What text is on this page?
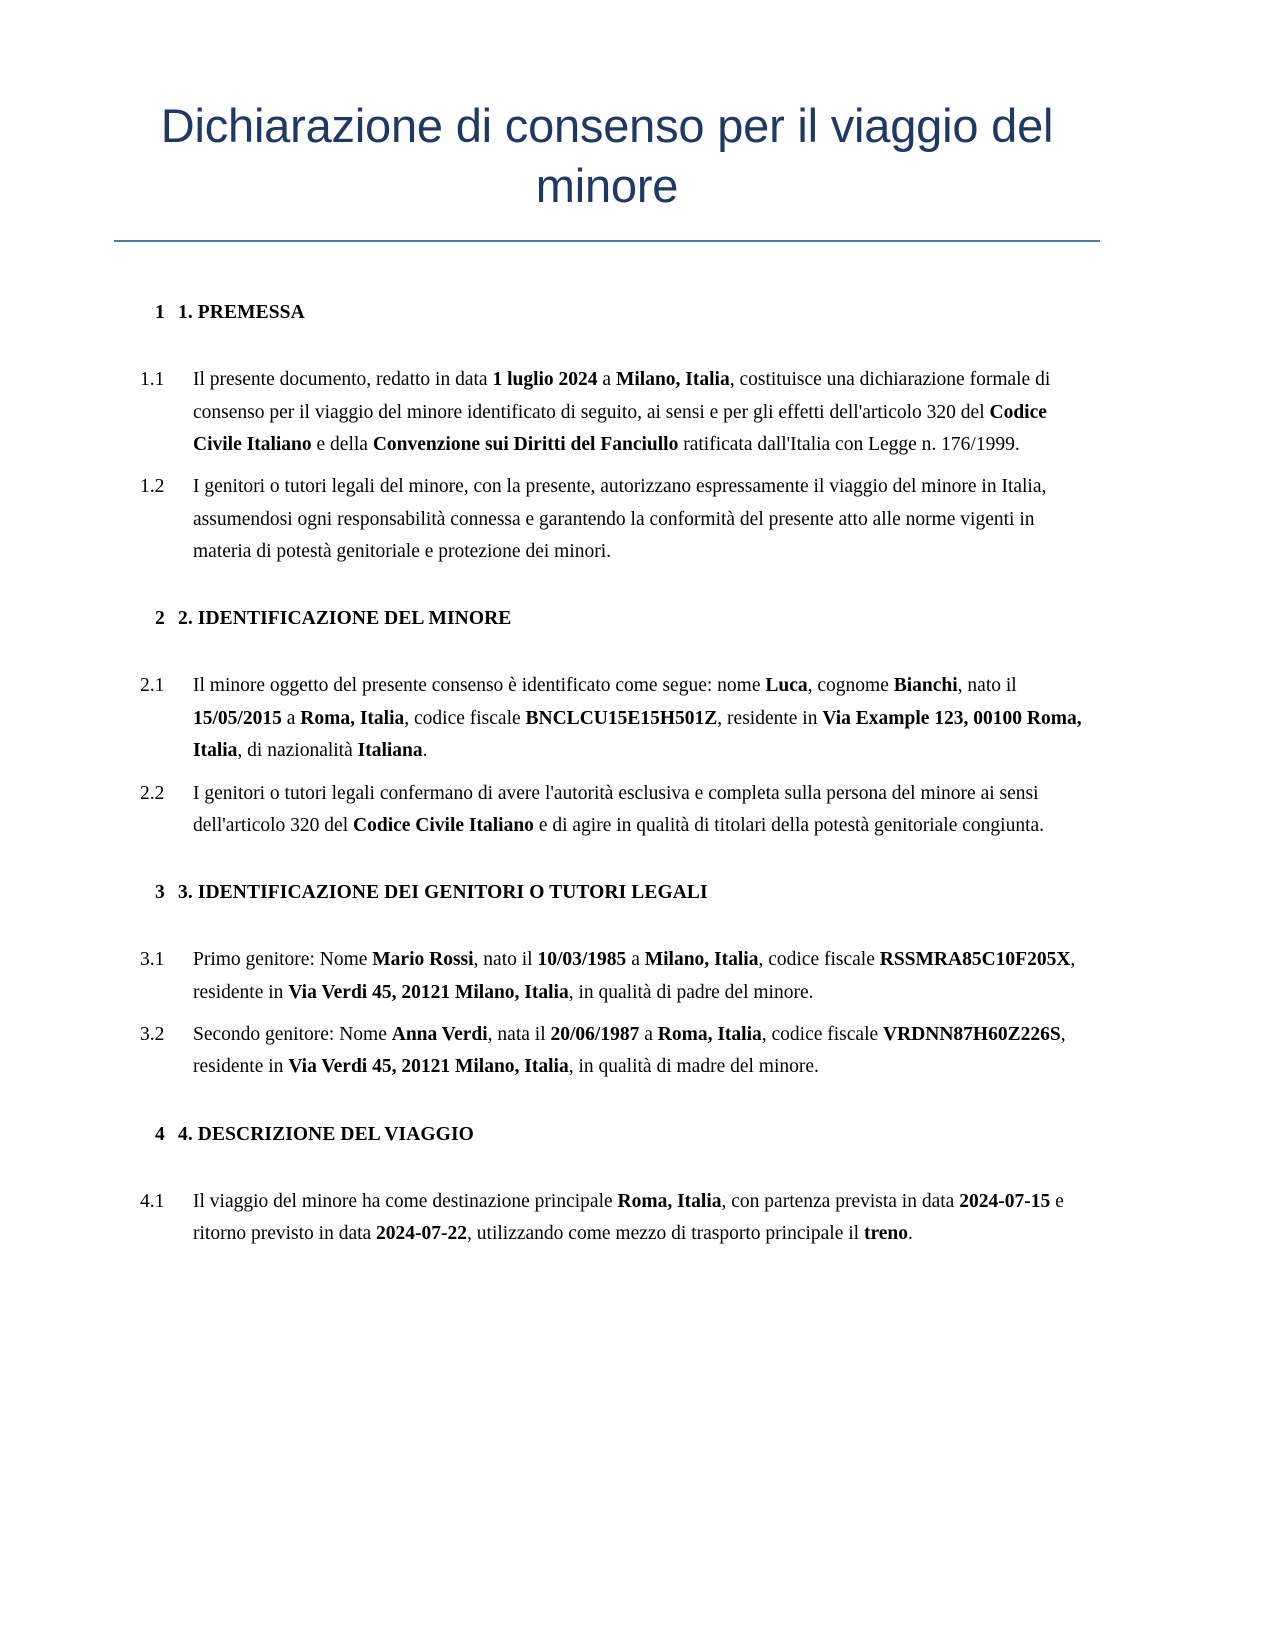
Dichiarazione di consenso per il viaggio del minore
1 1. PREMESSA
1.1	Il presente documento, redatto in data 1 luglio 2024 a Milano, Italia, costituisce una dichiarazione formale di consenso per il viaggio del minore identificato di seguito, ai sensi e per gli effetti dell'articolo 320 del Codice Civile Italiano e della Convenzione sui Diritti del Fanciullo ratificata dall'Italia con Legge n. 176/1999.
1.2	I genitori o tutori legali del minore, con la presente, autorizzano espressamente il viaggio del minore in Italia, assumendosi ogni responsabilità connessa e garantendo la conformità del presente atto alle norme vigenti in materia di potestà genitoriale e protezione dei minori.
2 2. IDENTIFICAZIONE DEL MINORE
2.1	Il minore oggetto del presente consenso è identificato come segue: nome Luca, cognome Bianchi, nato il 15/05/2015 a Roma, Italia, codice fiscale BNCLCU15E15H501Z, residente in Via Example 123, 00100 Roma, Italia, di nazionalità Italiana.
2.2	I genitori o tutori legali confermano di avere l'autorità esclusiva e completa sulla persona del minore ai sensi dell'articolo 320 del Codice Civile Italiano e di agire in qualità di titolari della potestà genitoriale congiunta.
3 3. IDENTIFICAZIONE DEI GENITORI O TUTORI LEGALI
3.1	Primo genitore: Nome Mario Rossi, nato il 10/03/1985 a Milano, Italia, codice fiscale RSSMRA85C10F205X, residente in Via Verdi 45, 20121 Milano, Italia, in qualità di padre del minore.
3.2	Secondo genitore: Nome Anna Verdi, nata il 20/06/1987 a Roma, Italia, codice fiscale VRDNN87H60Z226S, residente in Via Verdi 45, 20121 Milano, Italia, in qualità di madre del minore.
4 4. DESCRIZIONE DEL VIAGGIO
4.1	Il viaggio del minore ha come destinazione principale Roma, Italia, con partenza prevista in data 2024-07-15 e ritorno previsto in data 2024-07-22, utilizzando come mezzo di trasporto principale il treno.
